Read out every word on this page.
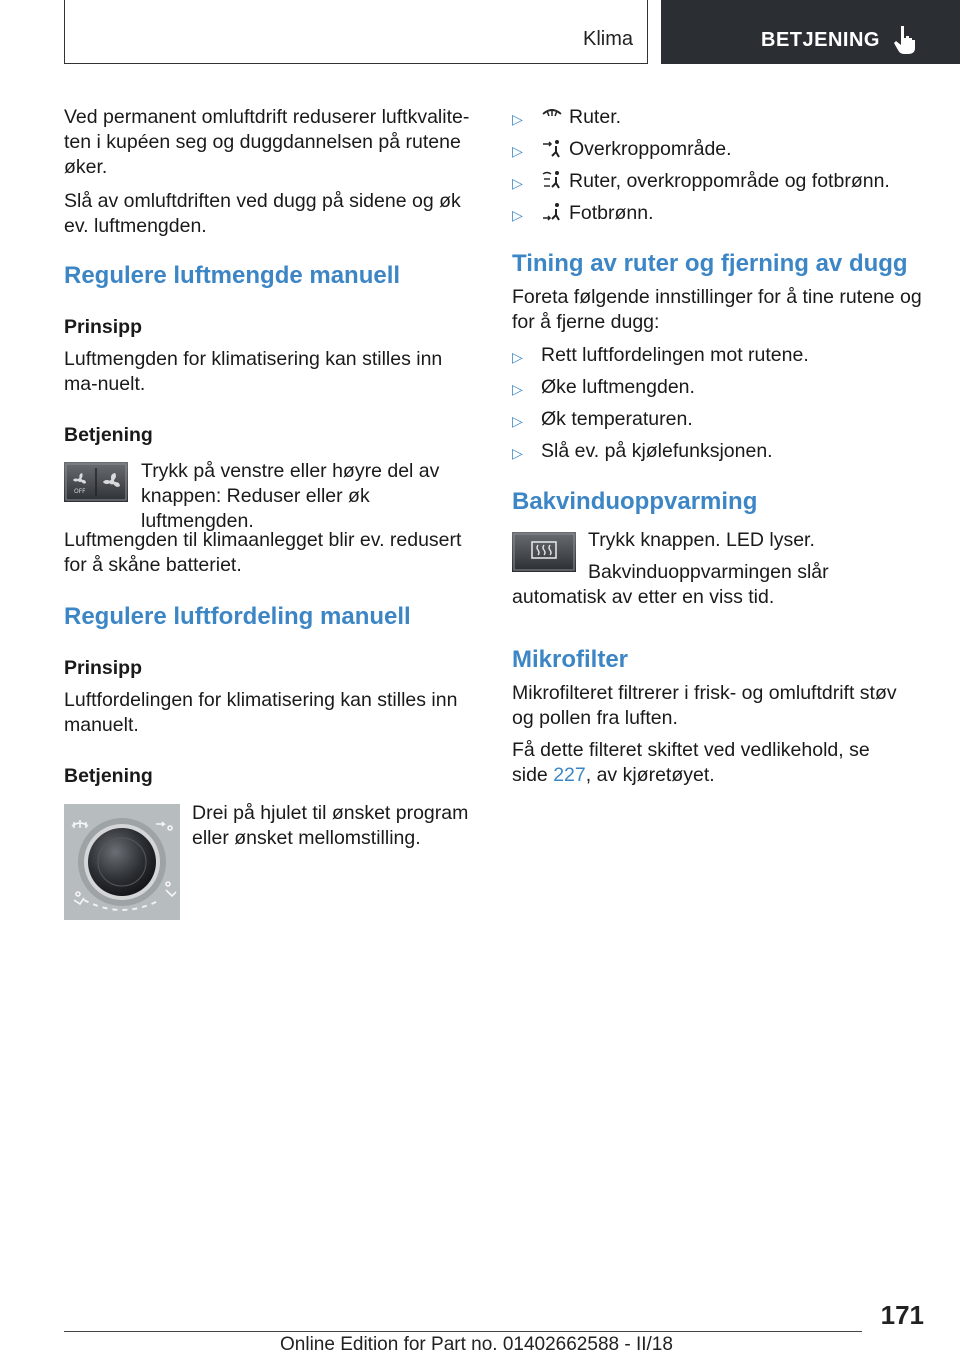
Klima	BETJENING

Ved permanent omluftdrift reduserer luftkvalite-ten i kupéen seg og duggdannelsen på rutene øker.

Slå av omluftdriften ved dugg på sidene og øk ev. luftmengden.

Regulere luftmengde manuell
Prinsipp

Luftmengden for klimatisering kan stilles inn ma-nuelt.

Betjening
OFF

Trykk på venstre eller høyre del av knappen: Reduser eller øk luftmengden.

Luftmengden til klimaanlegget blir ev. redusert for å skåne batteriet.

Regulere luftfordeling manuell
Prinsipp

Luftfordelingen for klimatisering kan stilles inn manuelt.

Betjening

Drei på hjulet til ønsket program eller ønsket mellomstilling.

▷ Ruter.
▷ Overkroppområde.
▷ Ruter, overkroppområde og fotbrønn.
▷ Fotbrønn.
Tining av ruter og fjerning av dugg

Foreta følgende innstillinger for å tine rutene og for å fjerne dugg:

▷ Rett luftfordelingen mot rutene.
▷ Øke luftmengden.
▷ Øk temperaturen.
▷ Slå ev. på kjølefunksjonen.
Bakvinduoppvarming

Trykk knappen. LED lyser.

Bakvinduoppvarmingen slår automatisk av etter en viss tid.

Mikrofilter

Mikrofilteret filtrerer i frisk- og omluftdrift støv og pollen fra luften.

Få dette filteret skiftet ved vedlikehold, se side 227, av kjøretøyet.

171
Online Edition for Part no. 01402662588 - II/18
